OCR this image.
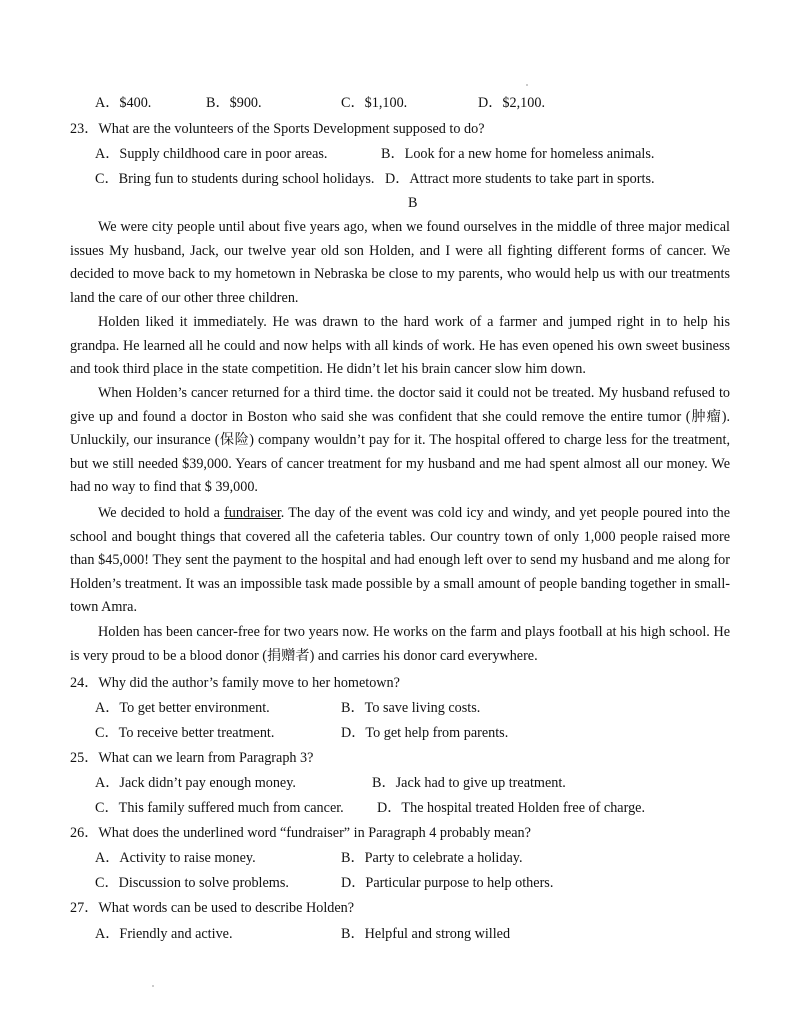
A．$400.	B．$900.	C．$1,100.	D．$2,100.
23．What are the volunteers of the Sports Development supposed to do?
A．Supply childhood care in poor areas.	B．Look for a new home for homeless animals.
C．Bring fun to students during school holidays. D．Attract more students to take part in sports.
B
We were city people until about five years ago, when we found ourselves in the middle of three major medical issues My husband, Jack, our twelve year old son Holden, and I were all fighting different forms of cancer. We decided to move back to my hometown in Nebraska be close to my parents, who would help us with our treatments land the care of our other three children.
Holden liked it immediately. He was drawn to the hard work of a farmer and jumped right in to help his grandpa. He learned all he could and now helps with all kinds of work. He has even opened his own sweet business and took third place in the state competition. He didn’t let his brain cancer slow him down.
When Holden’s cancer returned for a third time. the doctor said it could not be treated. My husband refused to give up and found a doctor in Boston who said she was confident that she could remove the entire tumor (肿瘤). Unluckily, our insurance (保险) company wouldn’t pay for it. The hospital offered to charge less for the treatment, but we still needed $39,000. Years of cancer treatment for my husband and me had spent almost all our money. We had no way to find that $ 39,000.
We decided to hold a fundraiser. The day of the event was cold icy and windy, and yet people poured into the school and bought things that covered all the cafeteria tables. Our country town of only 1,000 people raised more than $45,000! They sent the payment to the hospital and had enough left over to send my husband and me along for Holden’s treatment. It was an impossible task made possible by a small amount of people banding together in small-town Amra.
Holden has been cancer-free for two years now. He works on the farm and plays football at his high school. He is very proud to be a blood donor (捐赠者) and carries his donor card everywhere.
24．Why did the author’s family move to her hometown?
A．To get better environment.	B．To save living costs.
C．To receive better treatment.	D．To get help from parents.
25．What can we learn from Paragraph 3?
A．Jack didn’t pay enough money.	B．Jack had to give up treatment.
C．This family suffered much from cancer. D．The hospital treated Holden free of charge.
26．What does the underlined word “fundraiser” in Paragraph 4 probably mean?
A．Activity to raise money.	B．Party to celebrate a holiday.
C．Discussion to solve problems.	D．Particular purpose to help others.
27．What words can be used to describe Holden?
A．Friendly and active.	B．Helpful and strong willed
